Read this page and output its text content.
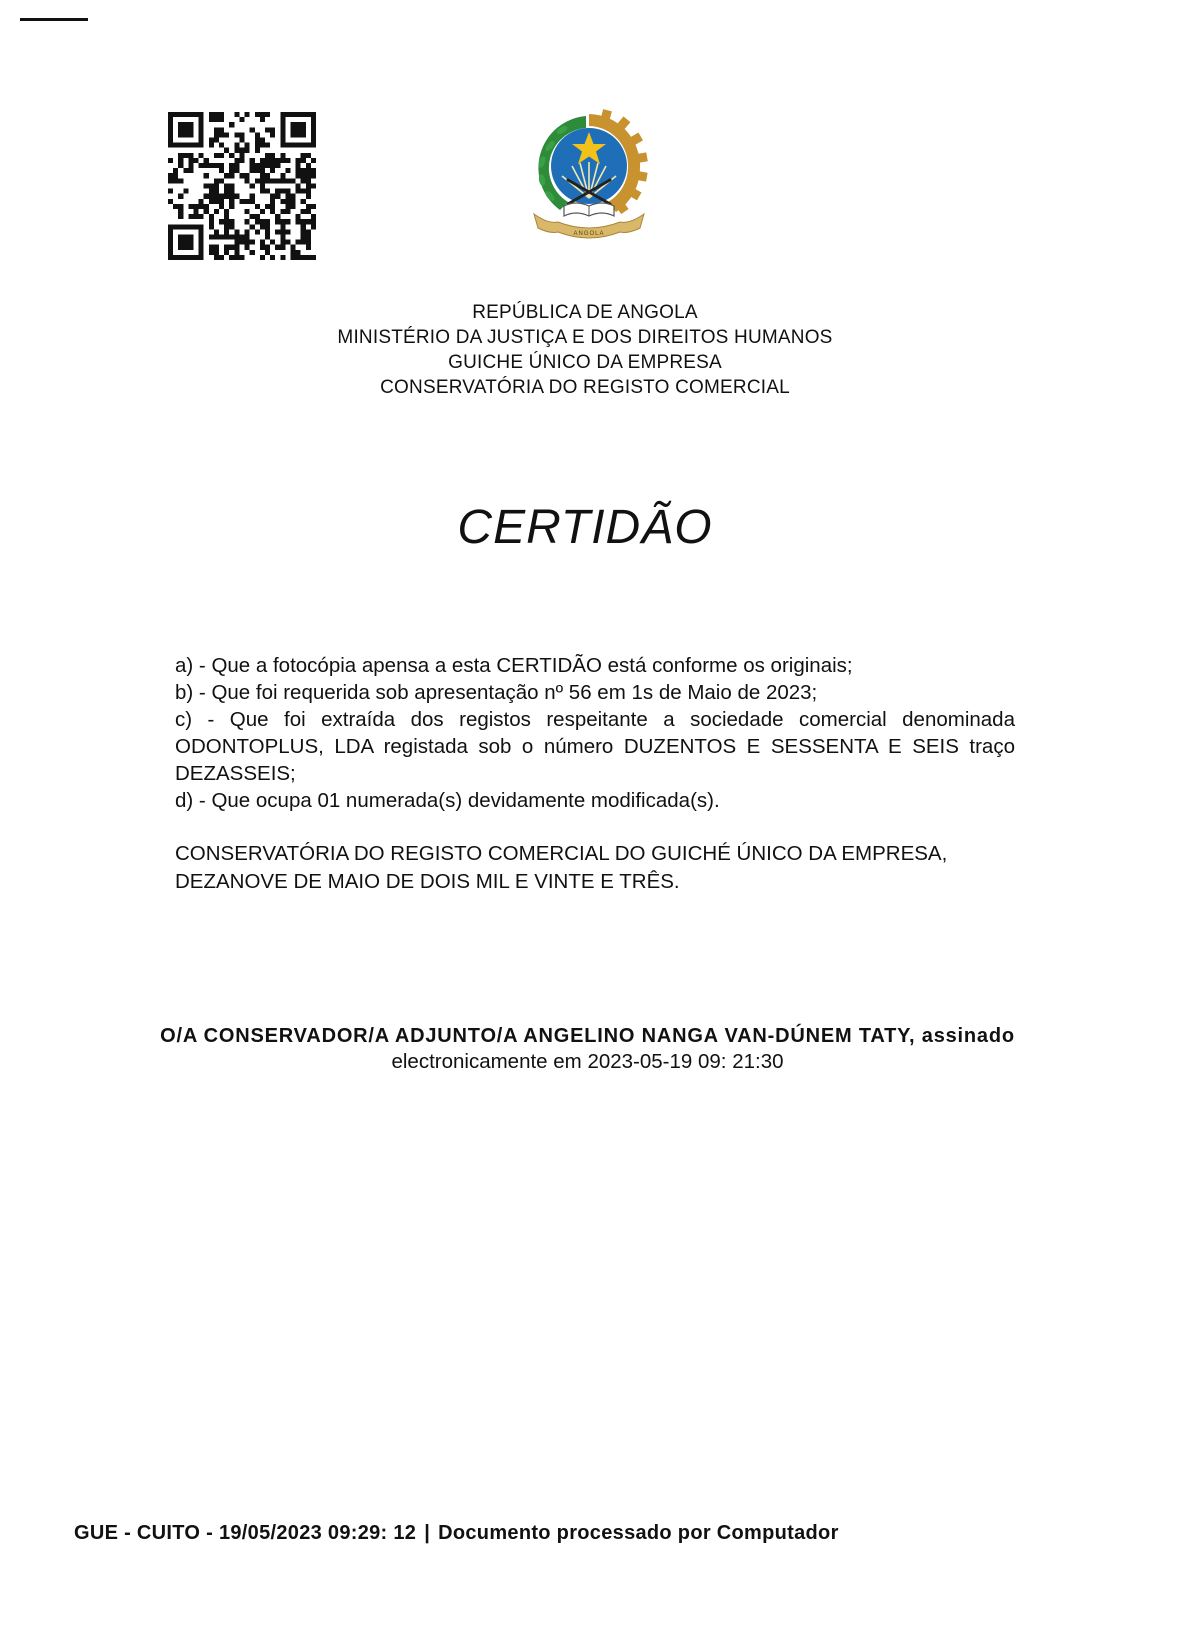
ANGOLA
REPÚBLICA DE ANGOLA
MINISTÉRIO DA JUSTIÇA E DOS DIREITOS HUMANOS
GUICHE ÚNICO DA EMPRESA
CONSERVATÓRIA DO REGISTO COMERCIAL
CERTIDÃO
a) - Que a fotocópia apensa a esta CERTIDÃO está conforme os originais;
b) - Que foi requerida sob apresentação nº 56 em 1s de Maio de 2023;
c) - Que foi extraída dos registos respeitante a sociedade comercial denominada ODONTOPLUS, LDA registada sob o número DUZENTOS E SESSENTA E SEIS traço DEZASSEIS;
d) - Que ocupa 01 numerada(s) devidamente modificada(s).
CONSERVATÓRIA DO REGISTO COMERCIAL DO GUICHÉ ÚNICO DA EMPRESA,
DEZANOVE DE MAIO DE DOIS MIL E VINTE E TRÊS.
O/A CONSERVADOR/A ADJUNTO/A ANGELINO NANGA VAN-DÚNEM TATY, assinado
electronicamente em 2023-05-19 09: 21:30
GUE - CUITO - 19/05/2023 09:29: 12 | Documento processado por Computador
